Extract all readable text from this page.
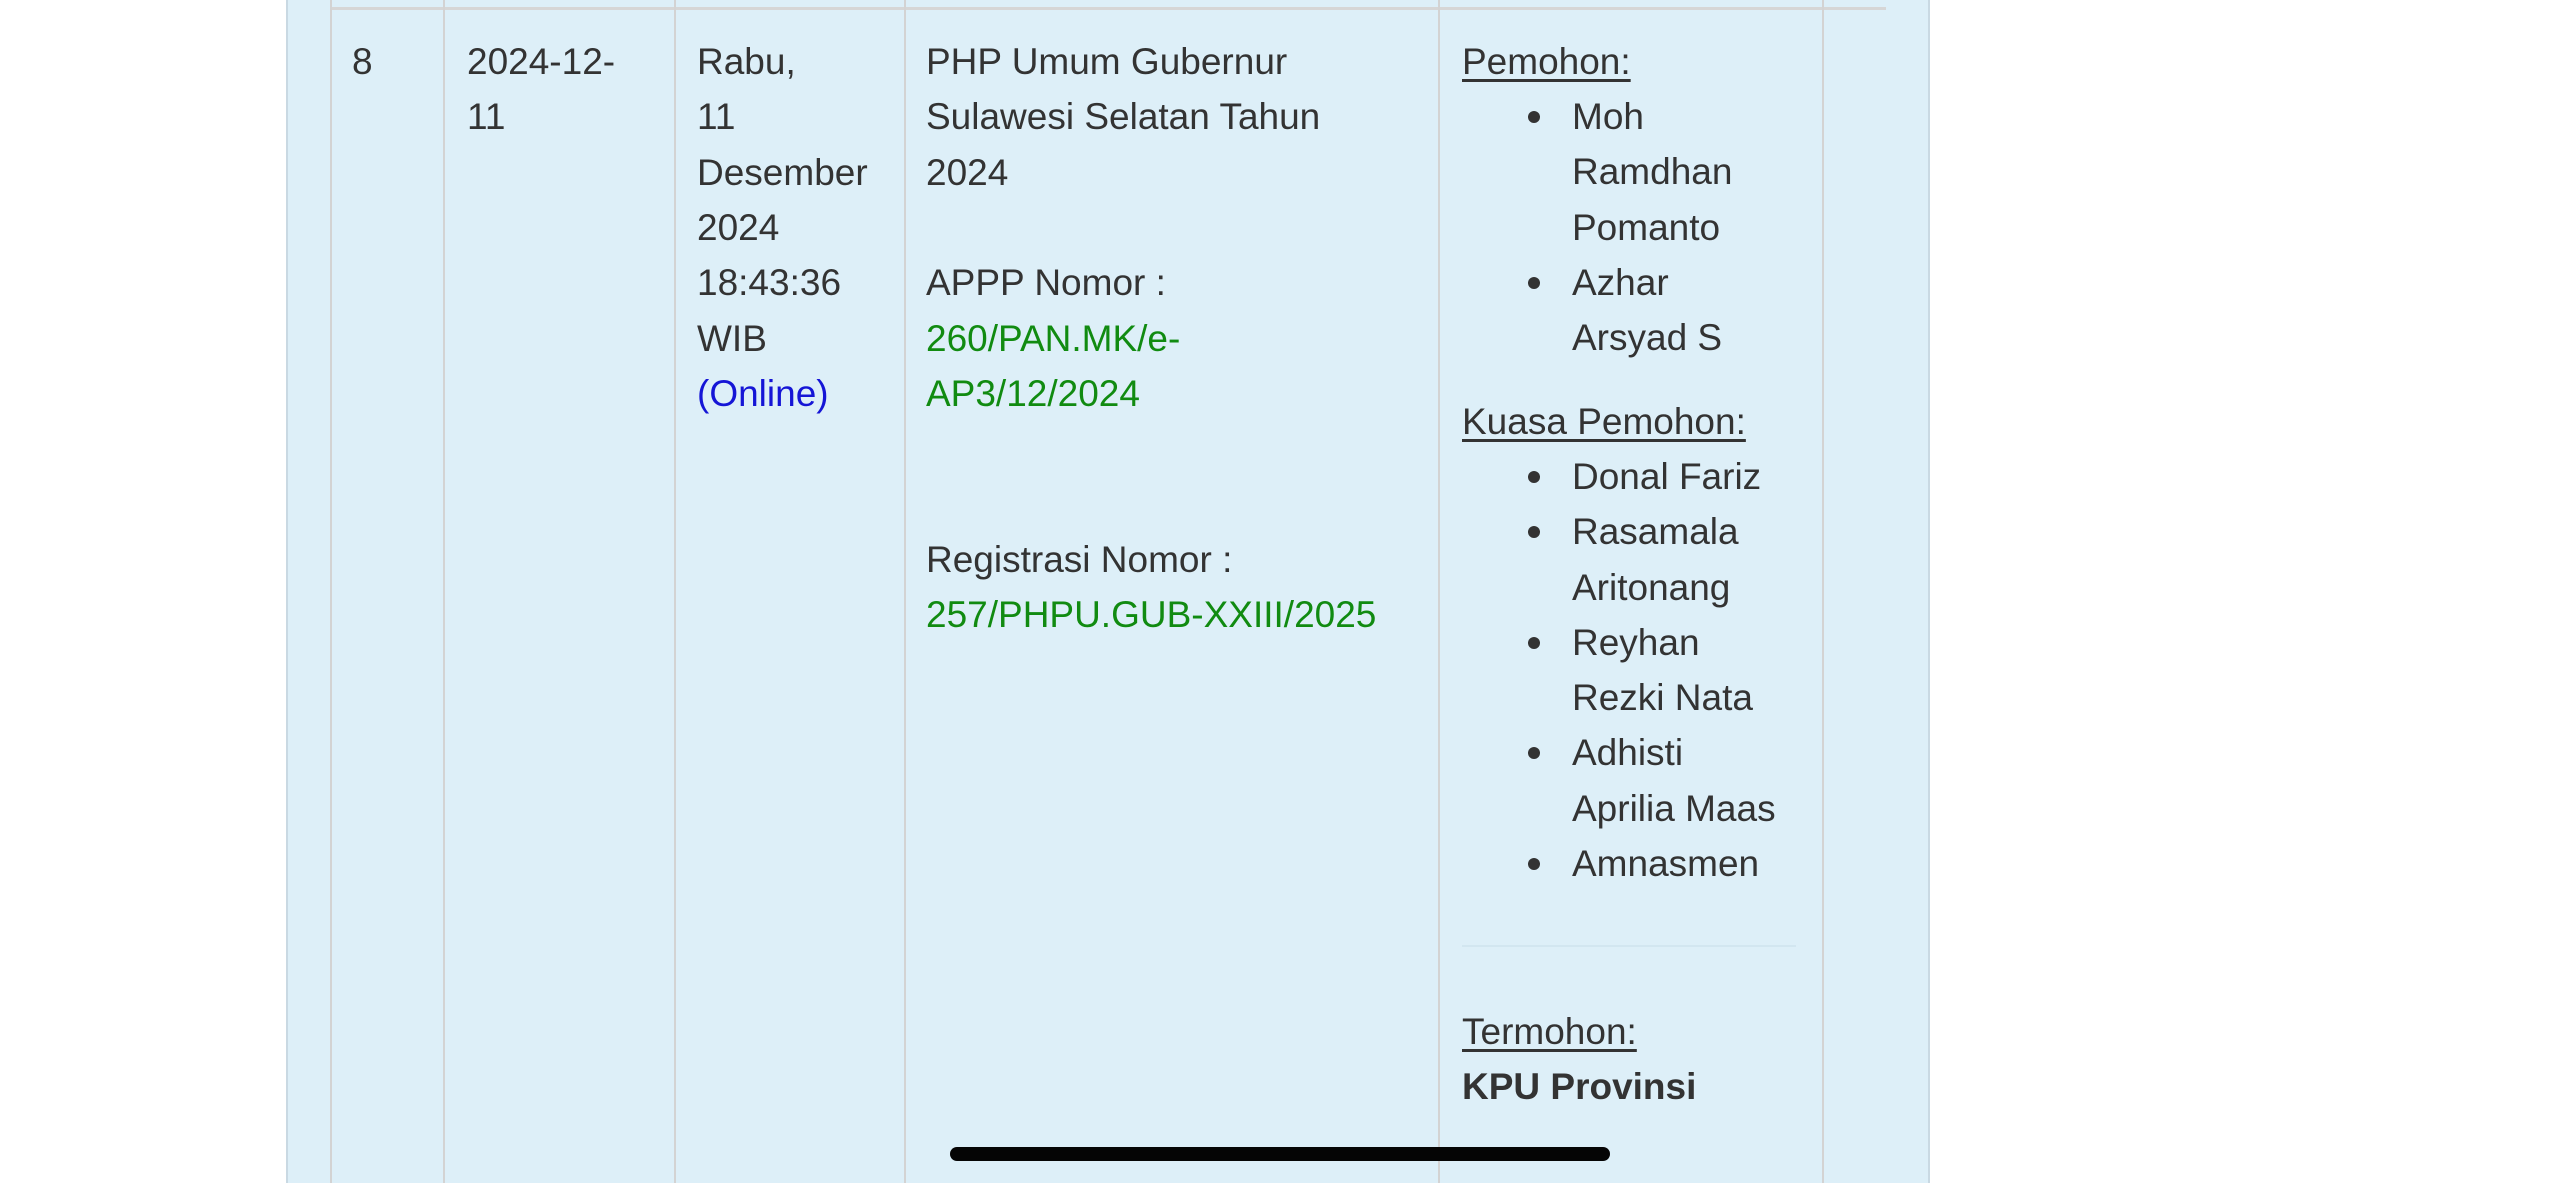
8	2024-12-
11
Rabu,
11
Desember
2024
18:43:36
WIB
(Online)
PHP Umum Gubernur
Sulawesi Selatan Tahun
2024
APPP Nomor :
260/PAN.MK/e-
AP3/12/2024
Registrasi Nomor :
257/PHPU.GUB-XXIII/2025
Pemohon:
Moh
Ramdhan
Pomanto
Azhar
Arsyad S
Kuasa Pemohon:
Donal Fariz
Rasamala
Aritonang
Reyhan
Rezki Nata
Adhisti
Aprilia Maas
Amnasmen
Termohon:
KPU Provinsi
